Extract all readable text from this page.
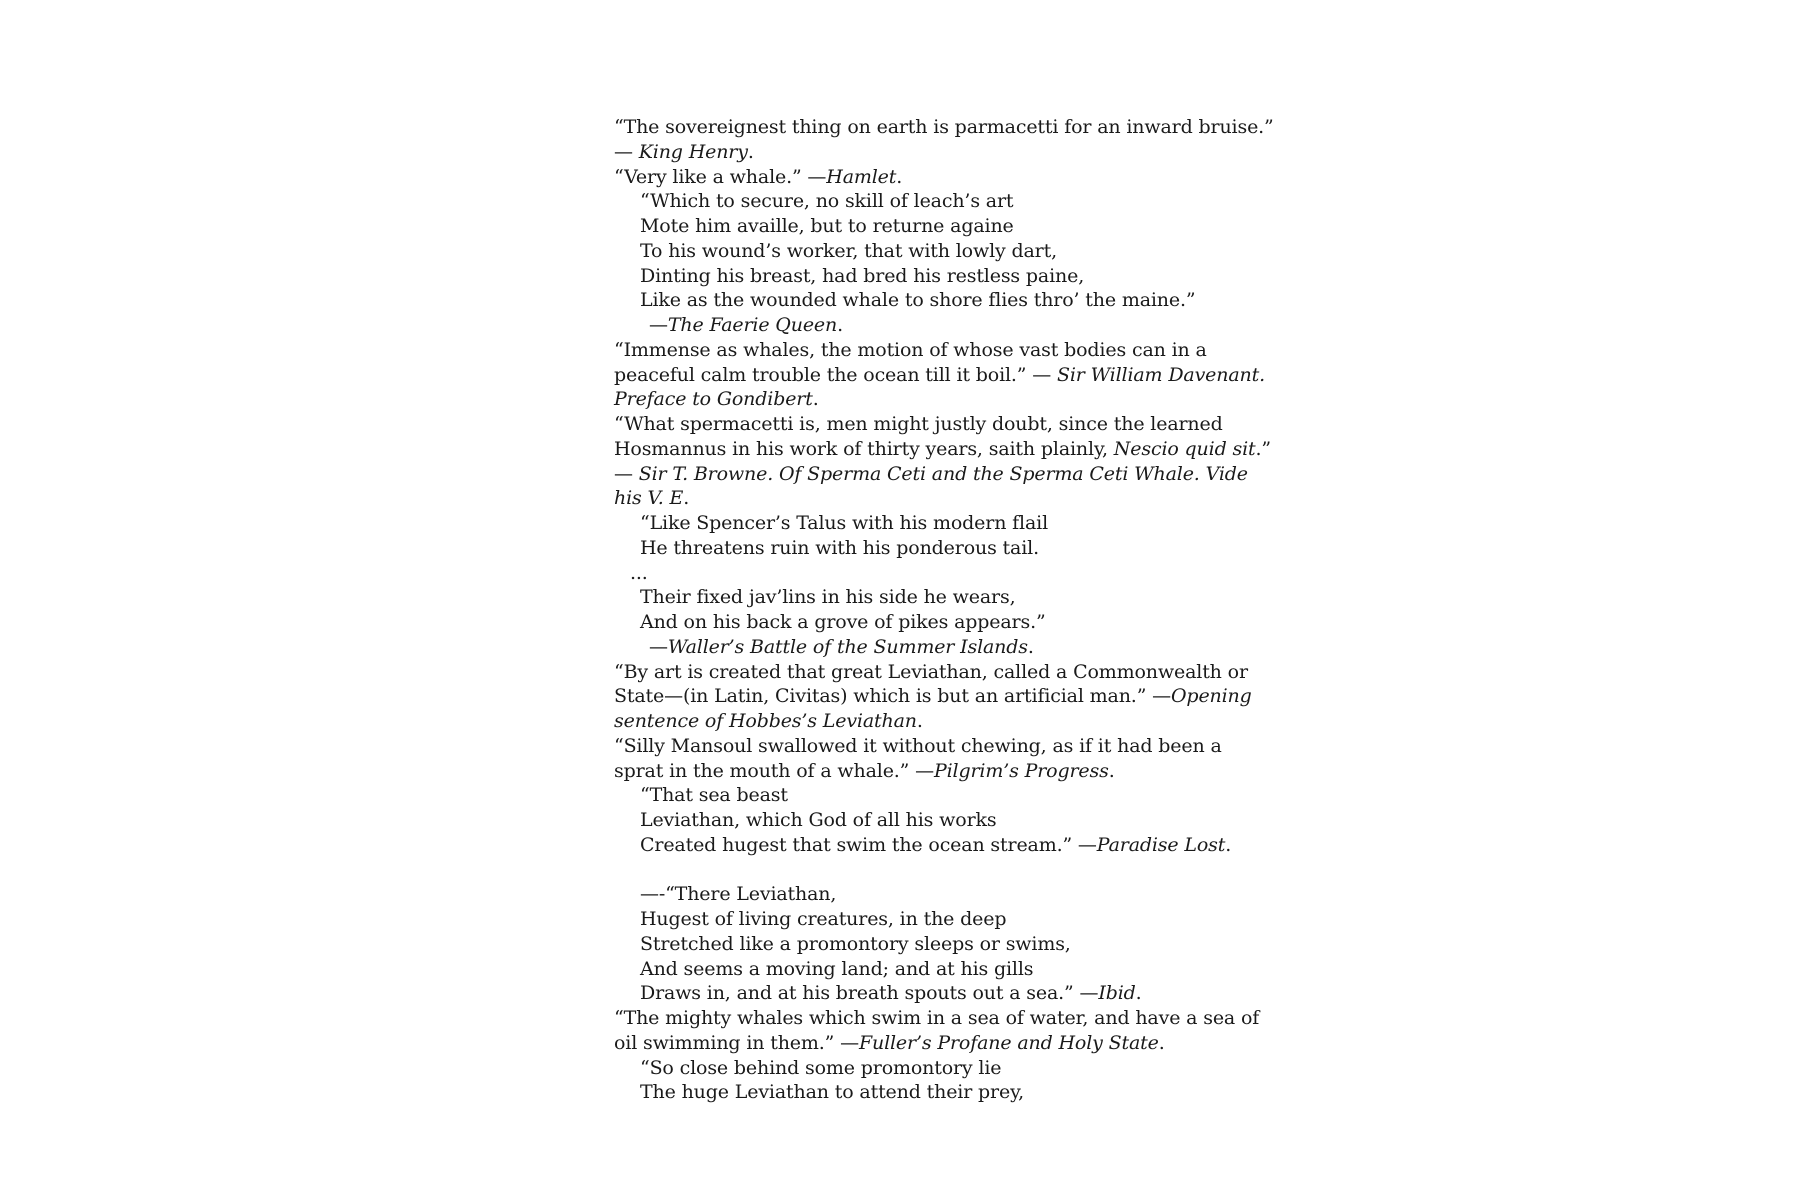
“The sovereignest thing on earth is parmacetti for an inward bruise.” — King Henry.

“Very like a whale.” —Hamlet.

“Which to secure, no skill of leach’s art
Mote him availle, but to returne againe
To his wound’s worker, that with lowly dart,
Dinting his breast, had bred his restless paine,
Like as the wounded whale to shore flies thro’ the maine.”
—The Faerie Queen.

“Immense as whales, the motion of whose vast bodies can in a peaceful calm trouble the ocean till it boil.” — Sir William Davenant. Preface to Gondibert.

“What spermacetti is, men might justly doubt, since the learned Hosmannus in his work of thirty years, saith plainly, Nescio quid sit.” — Sir T. Browne. Of Sperma Ceti and the Sperma Ceti Whale. Vide his V. E.

“Like Spencer’s Talus with his modern flail
He threatens ruin with his ponderous tail.
...
Their fixed jav’lins in his side he wears,
And on his back a grove of pikes appears.”
—Waller’s Battle of the Summer Islands.

“By art is created that great Leviathan, called a Commonwealth or State—(in Latin, Civitas) which is but an artificial man.” —Opening sentence of Hobbes’s Leviathan.

“Silly Mansoul swallowed it without chewing, as if it had been a sprat in the mouth of a whale.” —Pilgrim’s Progress.

“That sea beast
Leviathan, which God of all his works
Created hugest that swim the ocean stream.” —Paradise Lost.
—-“There Leviathan,
Hugest of living creatures, in the deep
Stretched like a promontory sleeps or swims,
And seems a moving land; and at his gills
Draws in, and at his breath spouts out a sea.” —Ibid.

“The mighty whales which swim in a sea of water, and have a sea of oil swimming in them.” —Fuller’s Profane and Holy State.

“So close behind some promontory lie
The huge Leviathan to attend their prey,
